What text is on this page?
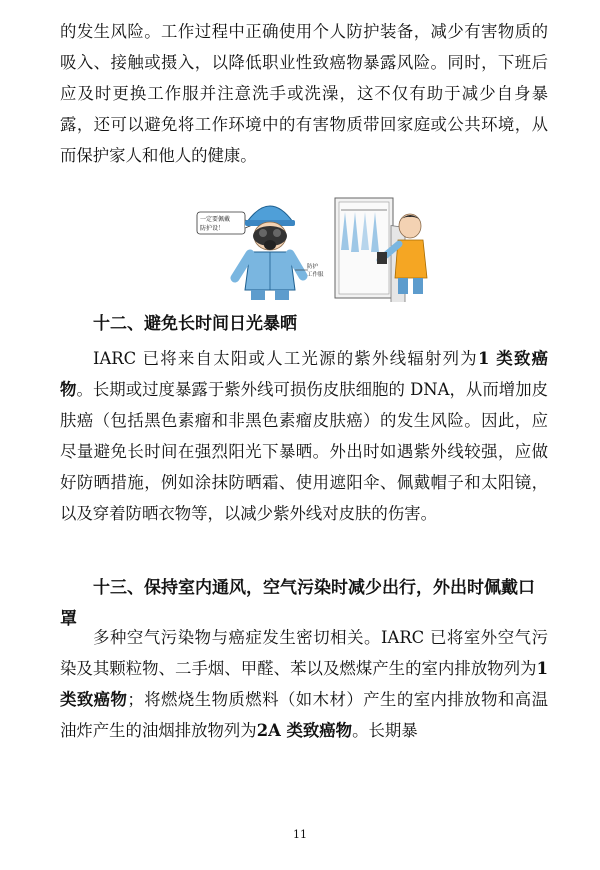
的发生风险。工作过程中正确使用个人防护装备，减少有害物质的吸入、接触或摄入，以降低职业性致癌物暴露风险。同时，下班后应及时更换工作服并注意洗手或洗澡，这不仅有助于减少自身暴露，还可以避免将工作环境中的有害物质带回家庭或公共环境，从而保护家人和他人的健康。
一定要佩戴
防护设！
防护
工作服
十二、避免长时间日光暴晒
IARC 已将来自太阳或人工光源的紫外线辐射列为1 类致癌物。长期或过度暴露于紫外线可损伤皮肤细胞的 DNA，从而增加皮肤癌（包括黑色素瘤和非黑色素瘤皮肤癌）的发生风险。因此，应尽量避免长时间在强烈阳光下暴晒。外出时如遇紫外线较强，应做好防晒措施，例如涂抹防晒霜、使用遮阳伞、佩戴帽子和太阳镜，以及穿着防晒衣物等，以减少紫外线对皮肤的伤害。
十三、保持室内通风，空气污染时减少出行，外出时佩戴口罩
多种空气污染物与癌症发生密切相关。IARC 已将室外空气污染及其颗粒物、二手烟、甲醛、苯以及燃煤产生的室内排放物列为1 类致癌物；将燃烧生物质燃料（如木材）产生的室内排放物和高温油炸产生的油烟排放物列为2A 类致癌物。长期暴
11
